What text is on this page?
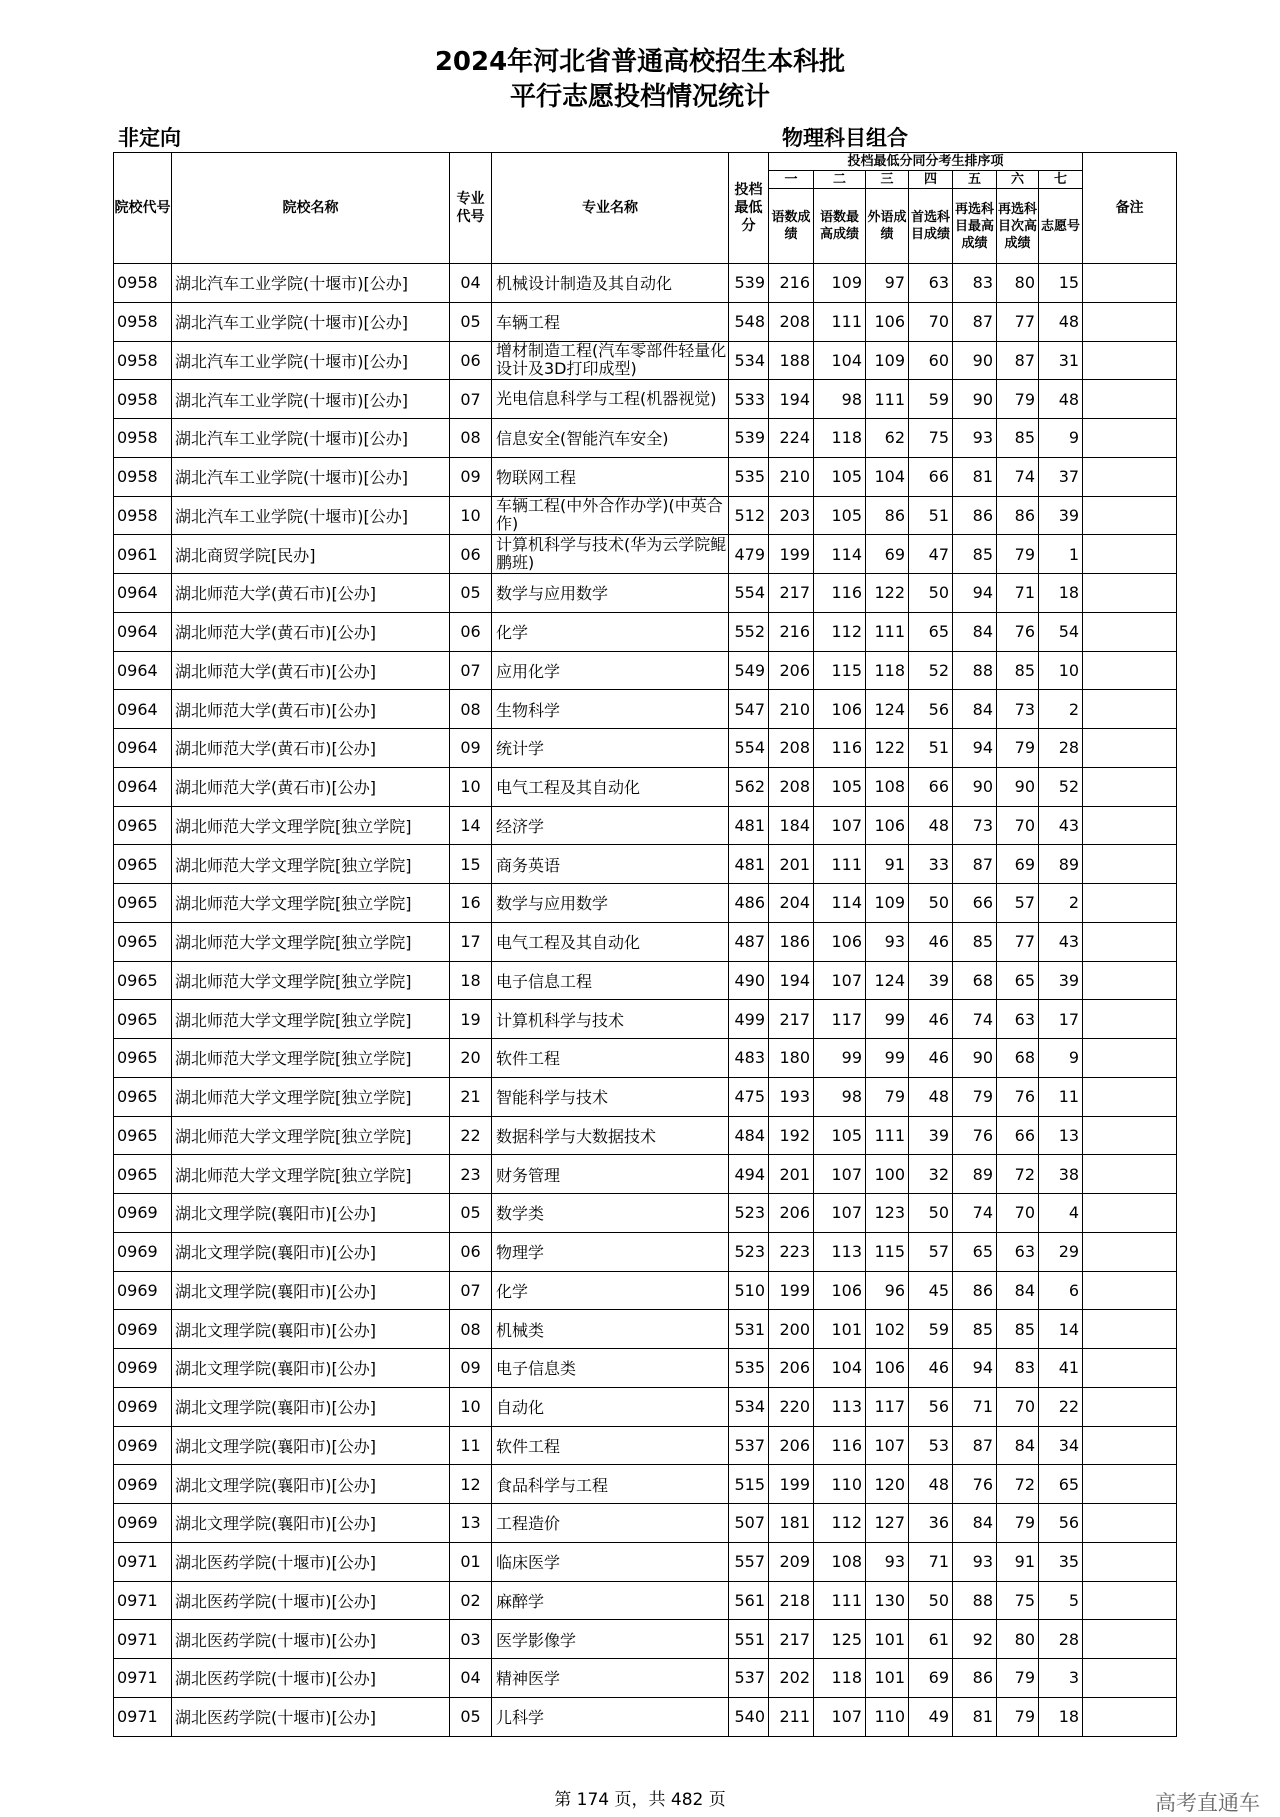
2024年河北省普通高校招生本科批
平行志愿投档情况统计
非定向	物理科目组合
院校代号	院校名称	专业代号	专业名称	投档最低分	投档最低分同分考生排序项							备注
					一	二	三	四	五	六	七	
					语数成绩	语数最高成绩	外语成绩	首选科目成绩	再选科目最高成绩	再选科目次高成绩	志愿号	
0958	湖北汽车工业学院(十堰市)[公办]	04	机械设计制造及其自动化	539	216	109	97	63	83	80	15	
0958	湖北汽车工业学院(十堰市)[公办]	05	车辆工程	548	208	111	106	70	87	77	48	
0958	湖北汽车工业学院(十堰市)[公办]	06	增材制造工程(汽车零部件轻量化设计及3D打印成型)	534	188	104	109	60	90	87	31	
0958	湖北汽车工业学院(十堰市)[公办]	07	光电信息科学与工程(机器视觉)	533	194	98	111	59	90	79	48	
0958	湖北汽车工业学院(十堰市)[公办]	08	信息安全(智能汽车安全)	539	224	118	62	75	93	85	9	
0958	湖北汽车工业学院(十堰市)[公办]	09	物联网工程	535	210	105	104	66	81	74	37	
0958	湖北汽车工业学院(十堰市)[公办]	10	车辆工程(中外合作办学)(中英合作)	512	203	105	86	51	86	86	39	
0961	湖北商贸学院[民办]	06	计算机科学与技术(华为云学院鲲鹏班)	479	199	114	69	47	85	79	1	
0964	湖北师范大学(黄石市)[公办]	05	数学与应用数学	554	217	116	122	50	94	71	18	
0964	湖北师范大学(黄石市)[公办]	06	化学	552	216	112	111	65	84	76	54	
0964	湖北师范大学(黄石市)[公办]	07	应用化学	549	206	115	118	52	88	85	10	
0964	湖北师范大学(黄石市)[公办]	08	生物科学	547	210	106	124	56	84	73	2	
0964	湖北师范大学(黄石市)[公办]	09	统计学	554	208	116	122	51	94	79	28	
0964	湖北师范大学(黄石市)[公办]	10	电气工程及其自动化	562	208	105	108	66	90	90	52	
0965	湖北师范大学文理学院[独立学院]	14	经济学	481	184	107	106	48	73	70	43	
0965	湖北师范大学文理学院[独立学院]	15	商务英语	481	201	111	91	33	87	69	89	
0965	湖北师范大学文理学院[独立学院]	16	数学与应用数学	486	204	114	109	50	66	57	2	
0965	湖北师范大学文理学院[独立学院]	17	电气工程及其自动化	487	186	106	93	46	85	77	43	
0965	湖北师范大学文理学院[独立学院]	18	电子信息工程	490	194	107	124	39	68	65	39	
0965	湖北师范大学文理学院[独立学院]	19	计算机科学与技术	499	217	117	99	46	74	63	17	
0965	湖北师范大学文理学院[独立学院]	20	软件工程	483	180	99	99	46	90	68	9	
0965	湖北师范大学文理学院[独立学院]	21	智能科学与技术	475	193	98	79	48	79	76	11	
0965	湖北师范大学文理学院[独立学院]	22	数据科学与大数据技术	484	192	105	111	39	76	66	13	
0965	湖北师范大学文理学院[独立学院]	23	财务管理	494	201	107	100	32	89	72	38	
0969	湖北文理学院(襄阳市)[公办]	05	数学类	523	206	107	123	50	74	70	4	
0969	湖北文理学院(襄阳市)[公办]	06	物理学	523	223	113	115	57	65	63	29	
0969	湖北文理学院(襄阳市)[公办]	07	化学	510	199	106	96	45	86	84	6	
0969	湖北文理学院(襄阳市)[公办]	08	机械类	531	200	101	102	59	85	85	14	
0969	湖北文理学院(襄阳市)[公办]	09	电子信息类	535	206	104	106	46	94	83	41	
0969	湖北文理学院(襄阳市)[公办]	10	自动化	534	220	113	117	56	71	70	22	
0969	湖北文理学院(襄阳市)[公办]	11	软件工程	537	206	116	107	53	87	84	34	
0969	湖北文理学院(襄阳市)[公办]	12	食品科学与工程	515	199	110	120	48	76	72	65	
0969	湖北文理学院(襄阳市)[公办]	13	工程造价	507	181	112	127	36	84	79	56	
0971	湖北医药学院(十堰市)[公办]	01	临床医学	557	209	108	93	71	93	91	35	
0971	湖北医药学院(十堰市)[公办]	02	麻醉学	561	218	111	130	50	88	75	5	
0971	湖北医药学院(十堰市)[公办]	03	医学影像学	551	217	125	101	61	92	80	28	
0971	湖北医药学院(十堰市)[公办]	04	精神医学	537	202	118	101	69	86	79	3	
0971	湖北医药学院(十堰市)[公办]	05	儿科学	540	211	107	110	49	81	79	18	
第 174 页，共 482 页	高考直通车
